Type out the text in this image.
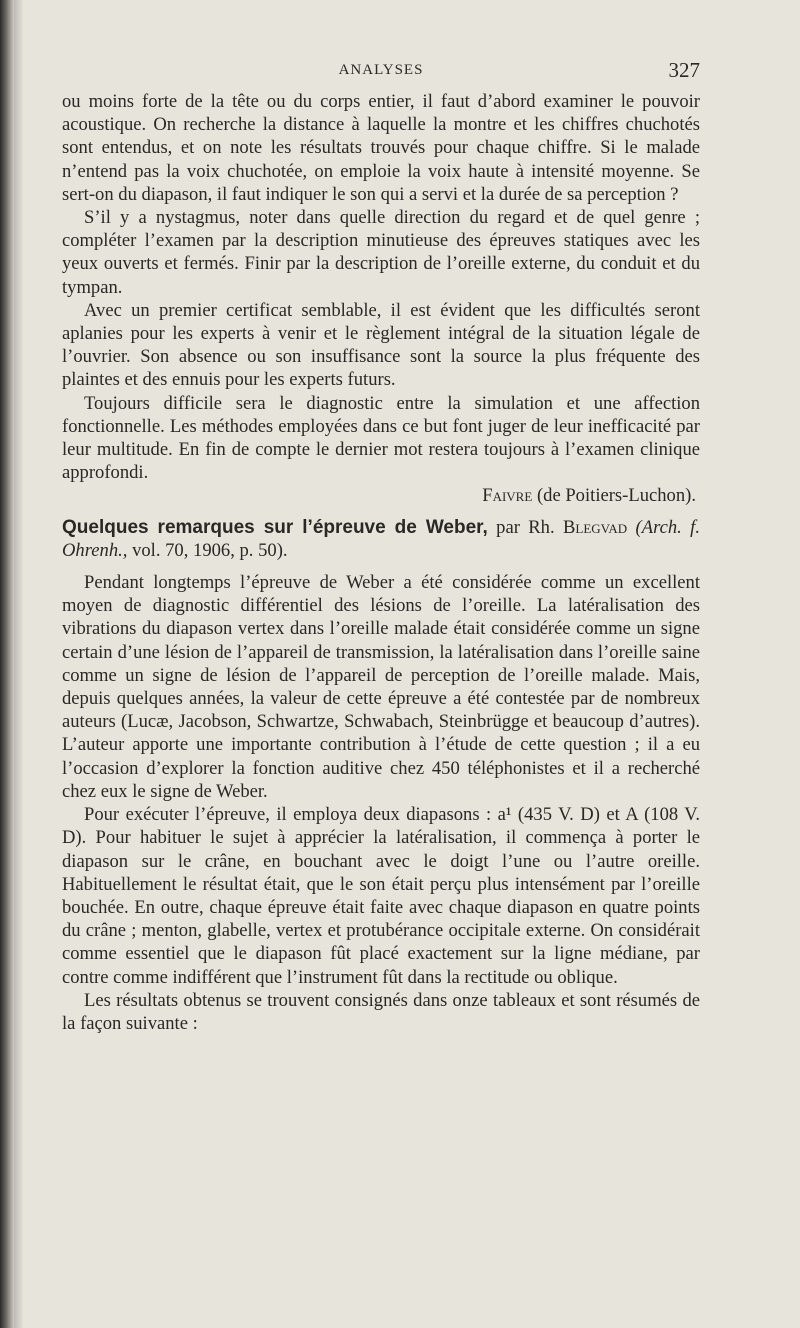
ANALYSES	327

ou moins forte de la tête ou du corps entier, il faut d’abord examiner le pouvoir acoustique. On recherche la distance à laquelle la montre et les chiffres chuchotés sont entendus, et on note les résultats trouvés pour chaque chiffre. Si le malade n’entend pas la voix chuchotée, on emploie la voix haute à intensité moyenne. Se sert-on du diapason, il faut indiquer le son qui a servi et la durée de sa perception ?

S’il y a nystagmus, noter dans quelle direction du regard et de quel genre ; compléter l’examen par la description minutieuse des épreuves statiques avec les yeux ouverts et fermés. Finir par la description de l’oreille externe, du conduit et du tympan.

Avec un premier certificat semblable, il est évident que les difficultés seront aplanies pour les experts à venir et le règlement intégral de la situation légale de l’ouvrier. Son absence ou son insuffisance sont la source la plus fréquente des plaintes et des ennuis pour les experts futurs.

Toujours difficile sera le diagnostic entre la simulation et une affection fonctionnelle. Les méthodes employées dans ce but font juger de leur inefficacité par leur multitude. En fin de compte le dernier mot restera toujours à l’examen clinique approfondi.

Faivre (de Poitiers-Luchon).

Quelques remarques sur l’épreuve de Weber, par Rh. Blegvad (Arch. f. Ohrenh., vol. 70, 1906, p. 50).

Pendant longtemps l’épreuve de Weber a été considérée comme un excellent moyen de diagnostic différentiel des lésions de l’oreille. La latéralisation des vibrations du diapason vertex dans l’oreille malade était considérée comme un signe certain d’une lésion de l’appareil de transmission, la latéralisation dans l’oreille saine comme un signe de lésion de l’appareil de perception de l’oreille malade. Mais, depuis quelques années, la valeur de cette épreuve a été contestée par de nombreux auteurs (Lucæ, Jacobson, Schwartze, Schwabach, Steinbrügge et beaucoup d’autres). L’auteur apporte une importante contribution à l’étude de cette question ; il a eu l’occasion d’explorer la fonction auditive chez 450 téléphonistes et il a recherché chez eux le signe de Weber.

Pour exécuter l’épreuve, il employa deux diapasons : a¹ (435 V. D) et A (108 V. D). Pour habituer le sujet à apprécier la latéralisation, il commença à porter le diapason sur le crâne, en bouchant avec le doigt l’une ou l’autre oreille. Habituellement le résultat était, que le son était perçu plus intensément par l’oreille bouchée. En outre, chaque épreuve était faite avec chaque diapason en quatre points du crâne ; menton, glabelle, vertex et protubérance occipitale externe. On considérait comme essentiel que le diapason fût placé exactement sur la ligne médiane, par contre comme indifférent que l’instrument fût dans la rectitude ou oblique.

Les résultats obtenus se trouvent consignés dans onze tableaux et sont résumés de la façon suivante :
